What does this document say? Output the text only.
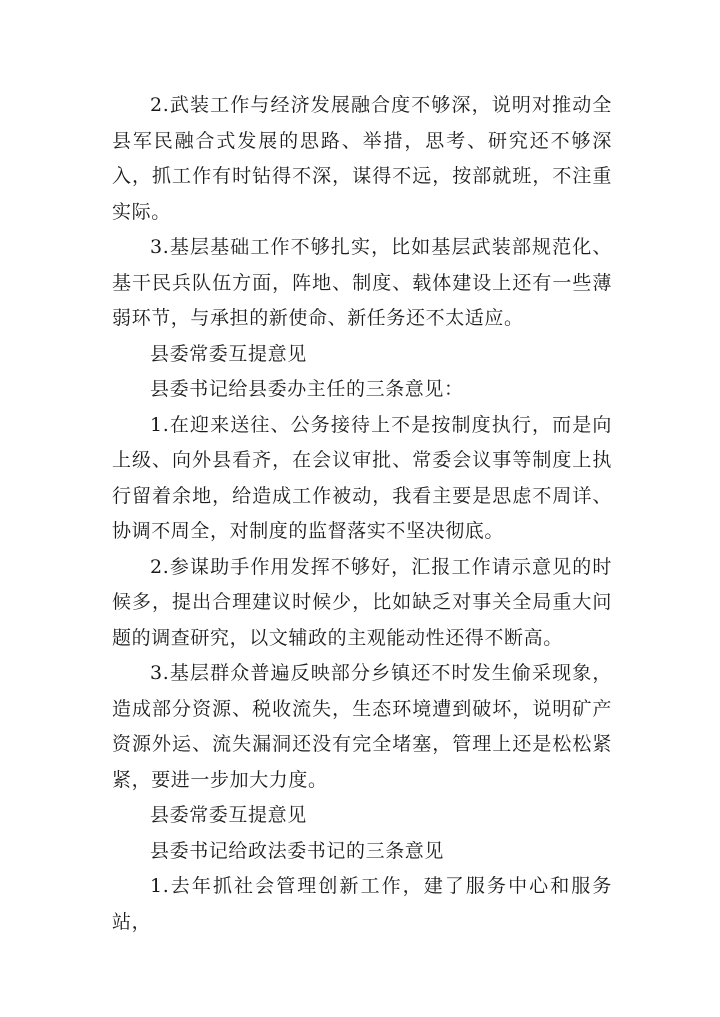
2.武装工作与经济发展融合度不够深，说明对推动全县军民融合式发展的思路、举措，思考、研究还不够深入，抓工作有时钻得不深，谋得不远，按部就班，不注重实际。

3.基层基础工作不够扎实，比如基层武装部规范化、基干民兵队伍方面，阵地、制度、载体建设上还有一些薄弱环节，与承担的新使命、新任务还不太适应。

县委常委互提意见

县委书记给县委办主任的三条意见：

1.在迎来送往、公务接待上不是按制度执行，而是向上级、向外县看齐，在会议审批、常委会议事等制度上执行留着余地，给造成工作被动，我看主要是思虑不周详、协调不周全，对制度的监督落实不坚决彻底。

2.参谋助手作用发挥不够好，汇报工作请示意见的时候多，提出合理建议时候少，比如缺乏对事关全局重大问题的调查研究，以文辅政的主观能动性还得不断高。

3.基层群众普遍反映部分乡镇还不时发生偷采现象，造成部分资源、税收流失，生态环境遭到破坏，说明矿产资源外运、流失漏洞还没有完全堵塞，管理上还是松松紧紧，要进一步加大力度。

县委常委互提意见

县委书记给政法委书记的三条意见

1.去年抓社会管理创新工作，建了服务中心和服务站，
